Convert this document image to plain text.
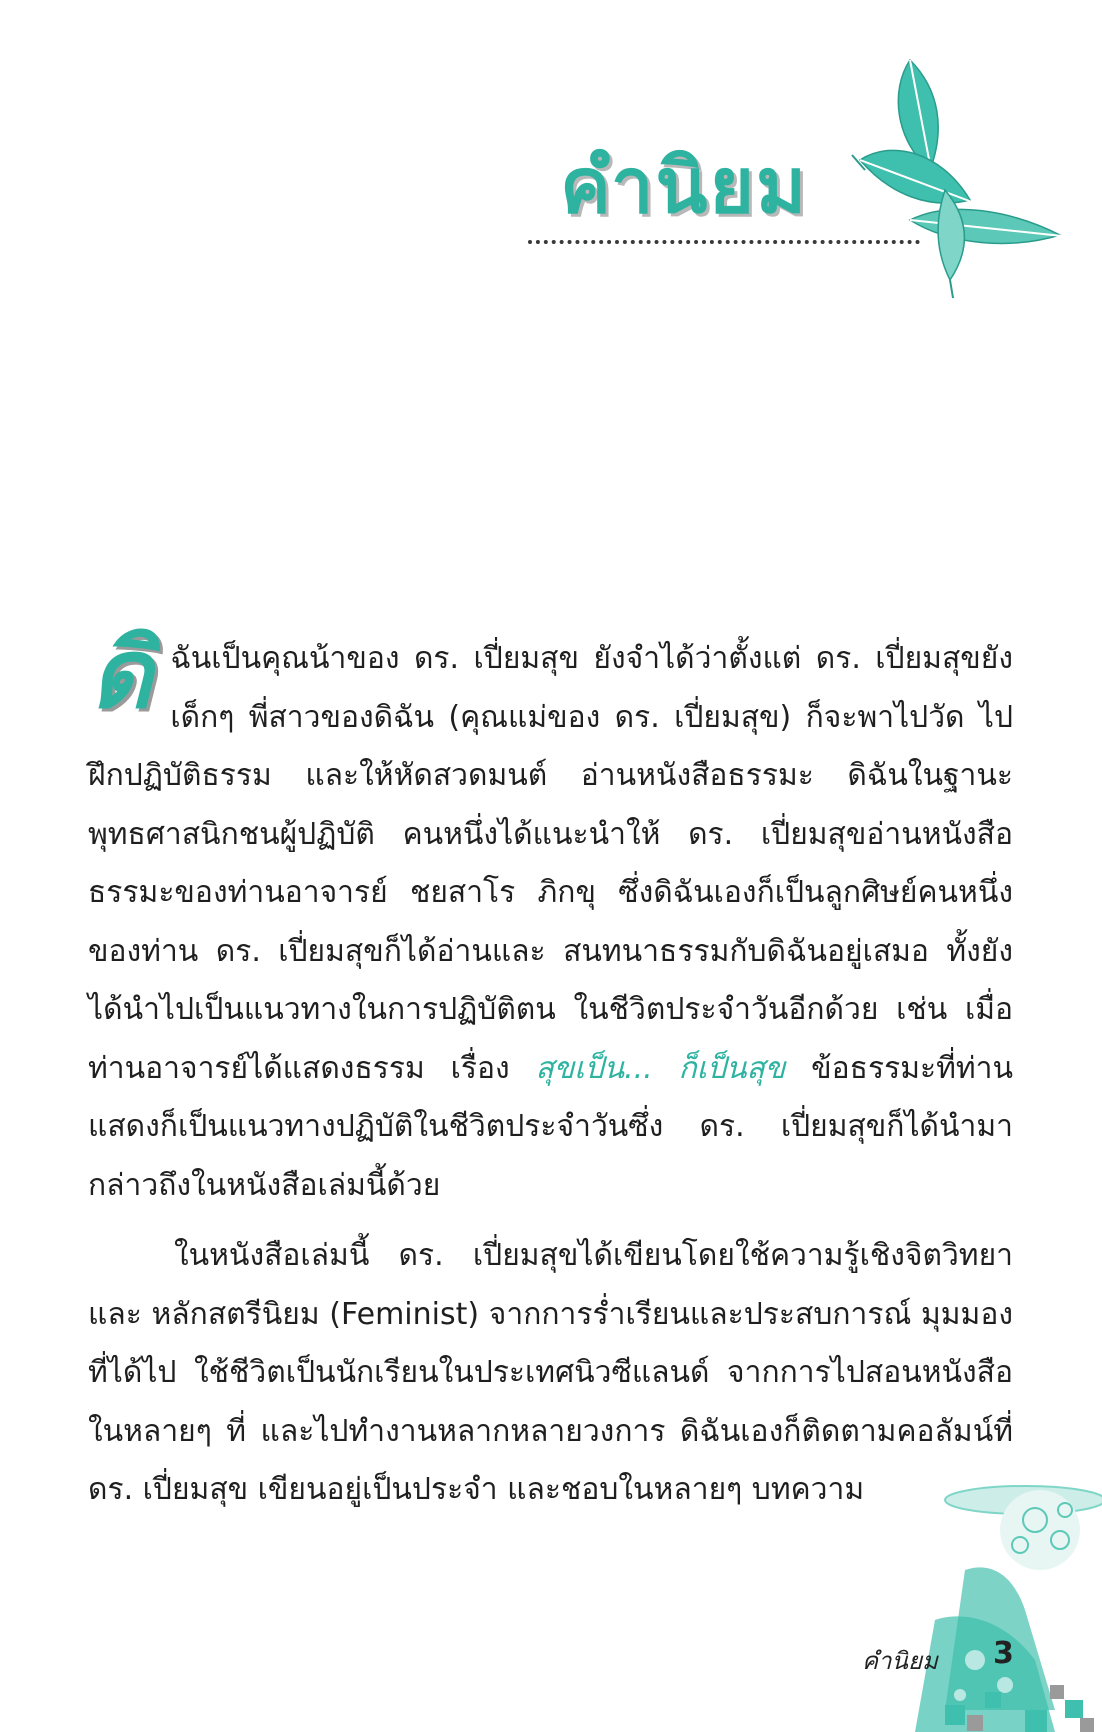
คำนิยม

ดิฉันเป็นคุณน้าของ ดร. เปี่ยมสุข ยังจำได้ว่าตั้งแต่ ดร. เปี่ยมสุขยังเด็กๆ พี่สาวของดิฉัน (คุณแม่ของ ดร. เปี่ยมสุข) ก็จะพาไปวัด ไปฝึกปฏิบัติธรรม และให้หัดสวดมนต์ อ่านหนังสือธรรมะ ดิฉันในฐานะพุทธศาสนิกชนผู้ปฏิบัติ คนหนึ่งได้แนะนำให้ ดร. เปี่ยมสุขอ่านหนังสือธรรมะของท่านอาจารย์ ชยสาโร ภิกขุ ซึ่งดิฉันเองก็เป็นลูกศิษย์คนหนึ่งของท่าน ดร. เปี่ยมสุขก็ได้อ่านและ สนทนาธรรมกับดิฉันอยู่เสมอ ทั้งยังได้นำไปเป็นแนวทางในการปฏิบัติตน ในชีวิตประจำวันอีกด้วย เช่น เมื่อท่านอาจารย์ได้แสดงธรรม เรื่อง สุขเป็น... ก็เป็นสุข ข้อธรรมะที่ท่านแสดงก็เป็นแนวทางปฏิบัติในชีวิตประจำวันซึ่ง ดร. เปี่ยมสุขก็ได้นำมากล่าวถึงในหนังสือเล่มนี้ด้วย

ในหนังสือเล่มนี้ ดร. เปี่ยมสุขได้เขียนโดยใช้ความรู้เชิงจิตวิทยาและ หลักสตรีนิยม (Feminist) จากการร่ำเรียนและประสบการณ์ มุมมองที่ได้ไป ใช้ชีวิตเป็นนักเรียนในประเทศนิวซีแลนด์ จากการไปสอนหนังสือในหลายๆ ที่ และไปทำงานหลากหลายวงการ ดิฉันเองก็ติดตามคอลัมน์ที่ ดร. เปี่ยมสุข เขียนอยู่เป็นประจำ และชอบในหลายๆ บทความ

คำนิยม 3
